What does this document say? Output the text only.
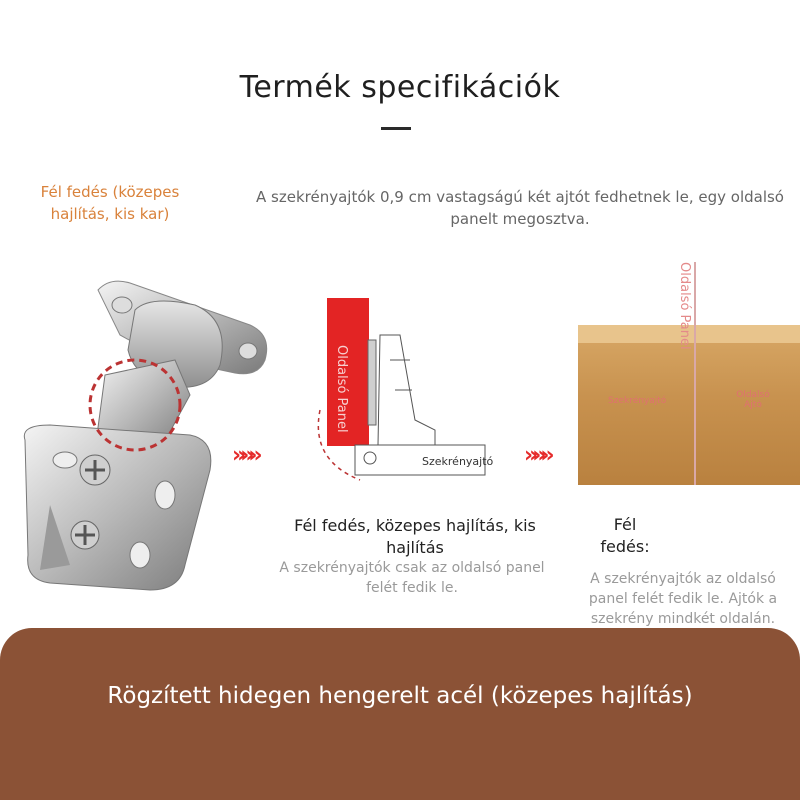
Termék specifikációk
Fél fedés (közepes hajlítás, kis kar)
A szekrényajtók 0,9 cm vastagságú két ajtót fedhetnek le, egy oldalsó panelt megosztva.
»»»	»»»
Oldalsó Panel
Szekrényajtó
Oldalsó Panel
Szekrényajtó
Oldalsó Ajtó
Fél fedés, közepes hajlítás, kis hajlítás
A szekrényajtók csak az oldalsó panel felét fedik le.
Fél fedés:
A szekrényajtók az oldalsó panel felét fedik le. Ajtók a szekrény mindkét oldalán.
Rögzített hidegen hengerelt acél (közepes hajlítás)
